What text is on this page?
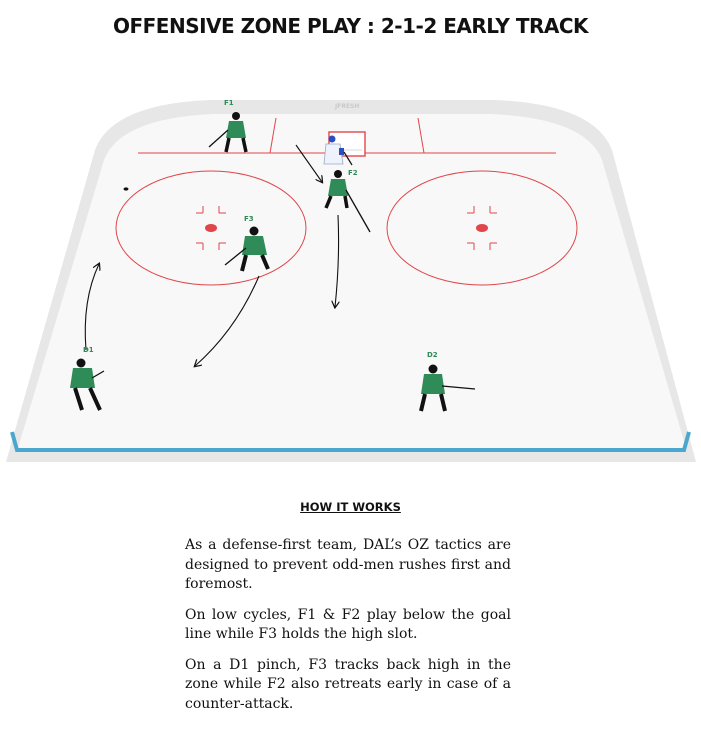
OFFENSIVE ZONE PLAY : 2-1-2 EARLY TRACK
JFRESH
F1
F2
F3
D1
D2
HOW IT WORKS

As a defense-first team, DAL’s OZ tactics are designed to prevent odd-men rushes first and foremost.

On low cycles, F1 & F2 play below the goal line while F3 holds the high slot.

On a D1 pinch, F3 tracks back high in the zone while F2 also retreats early in case of a counter-attack.
